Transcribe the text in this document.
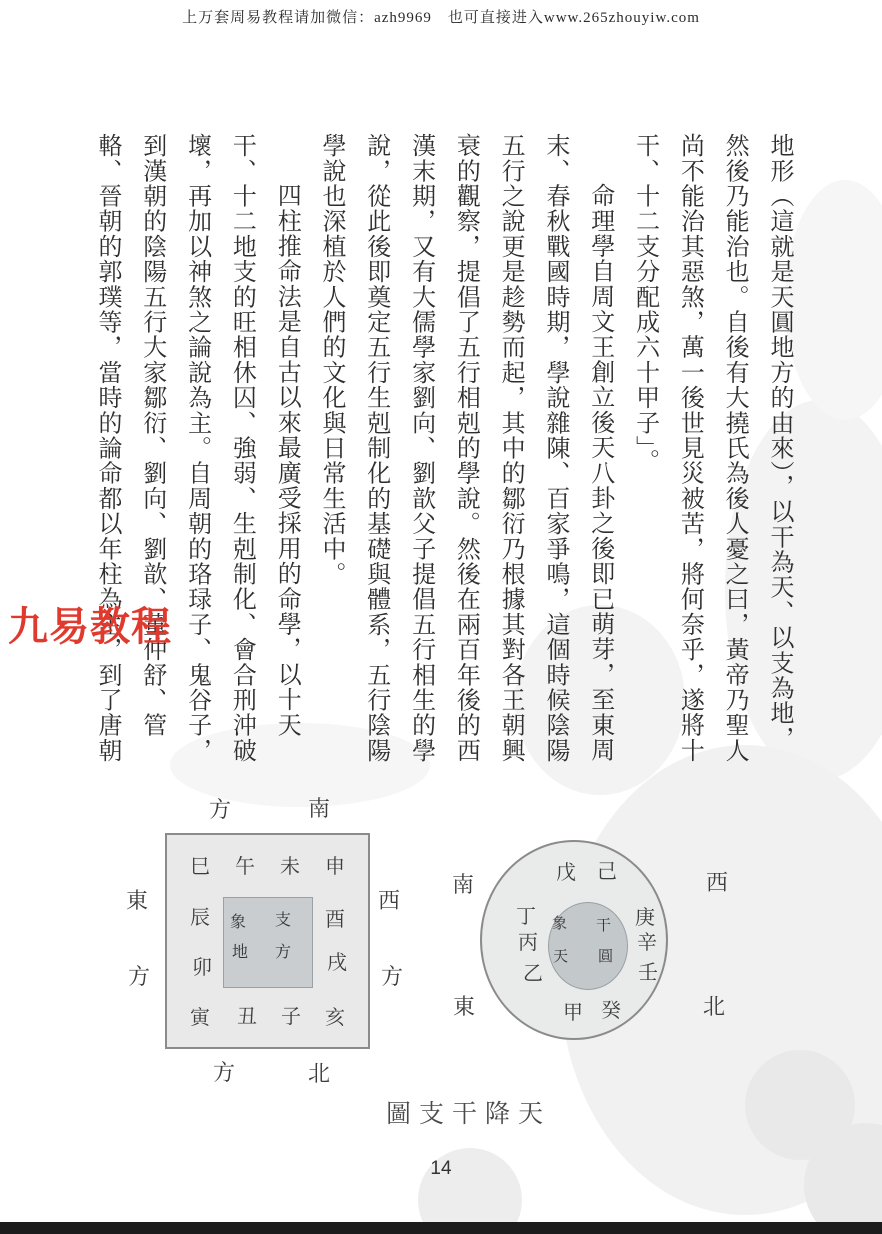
上万套周易教程请加微信：azh9969　也可直接进入www.265zhouyiw.com
地形（這就是天圓地方的由來），以干為天、以支為地，
然後乃能治也。自後有大撓氏為後人憂之曰，黃帝乃聖人
尚不能治其惡煞，萬一後世見災被苦，將何奈乎，遂將十
干、十二支分配成六十甲子」。
命理學自周文王創立後天八卦之後即已萌芽，至東周
末、春秋戰國時期，學說雜陳、百家爭鳴，這個時候陰陽
五行之說更是趁勢而起，其中的鄒衍乃根據其對各王朝興
衰的觀察，提倡了五行相剋的學說。然後在兩百年後的西
漢末期，又有大儒學家劉向、劉歆父子提倡五行相生的學
說，從此後即奠定五行生剋制化的基礎與體系，五行陰陽
學說也深植於人們的文化與日常生活中。
四柱推命法是自古以來最廣受採用的命學，以十天
干、十二地支的旺相休囚、強弱、生剋制化、會合刑沖破
壞，再加以神煞之論說為主。自周朝的珞琭子、鬼谷子，
到漢朝的陰陽五行大家鄒衍、劉向、劉歆、董仲舒、管
輅、晉朝的郭璞等，當時的論命都以年柱為主，到了唐朝
九易教程
方	南
東
方
西
方
方	北
巳 午 未 申
辰
卯
酉
戌
寅 丑 子 亥
象 支
地 方
南	西
東	北
戊 己
庚
辛
壬
丁
丙
乙
甲 癸
象 干
天 圓
圖支干降天
14
